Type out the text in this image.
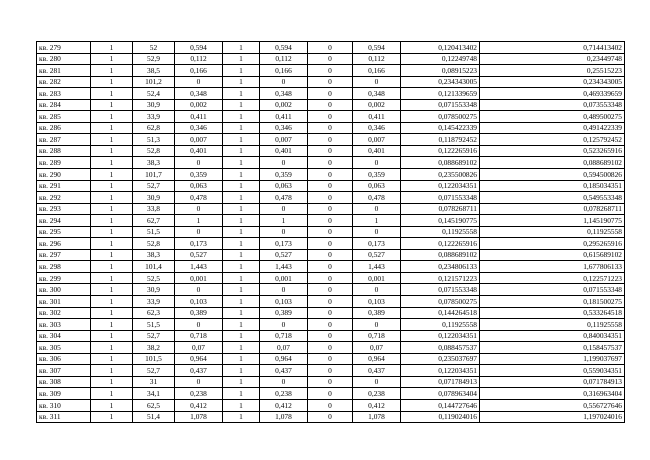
кв. 279	1	52	0,594	1	0,594	0	0,594	0,120413402	0,714413402
кв. 280	1	52,9	0,112	1	0,112	0	0,112	0,12249748	0,23449748
кв. 281	1	38,5	0,166	1	0,166	0	0,166	0,08915223	0,25515223
кв. 282	1	101,2	0	1	0	0	0	0,234343005	0,234343005
кв. 283	1	52,4	0,348	1	0,348	0	0,348	0,121339659	0,469339659
кв. 284	1	30,9	0,002	1	0,002	0	0,002	0,071553348	0,073553348
кв. 285	1	33,9	0,411	1	0,411	0	0,411	0,078500275	0,489500275
кв. 286	1	62,8	0,346	1	0,346	0	0,346	0,145422339	0,491422339
кв. 287	1	51,3	0,007	1	0,007	0	0,007	0,118792452	0,125792452
кв. 288	1	52,8	0,401	1	0,401	0	0,401	0,122265916	0,523265916
кв. 289	1	38,3	0	1	0	0	0	0,088689102	0,088689102
кв. 290	1	101,7	0,359	1	0,359	0	0,359	0,235500826	0,594500826
кв. 291	1	52,7	0,063	1	0,063	0	0,063	0,122034351	0,185034351
кв. 292	1	30,9	0,478	1	0,478	0	0,478	0,071553348	0,549553348
кв. 293	1	33,8	0	1	0	0	0	0,078268711	0,078268711
кв. 294	1	62,7	1	1	1	0	1	0,145190775	1,145190775
кв. 295	1	51,5	0	1	0	0	0	0,11925558	0,11925558
кв. 296	1	52,8	0,173	1	0,173	0	0,173	0,122265916	0,295265916
кв. 297	1	38,3	0,527	1	0,527	0	0,527	0,088689102	0,615689102
кв. 298	1	101,4	1,443	1	1,443	0	1,443	0,234806133	1,677806133
кв. 299	1	52,5	0,001	1	0,001	0	0,001	0,121571223	0,122571223
кв. 300	1	30,9	0	1	0	0	0	0,071553348	0,071553348
кв. 301	1	33,9	0,103	1	0,103	0	0,103	0,078500275	0,181500275
кв. 302	1	62,3	0,389	1	0,389	0	0,389	0,144264518	0,533264518
кв. 303	1	51,5	0	1	0	0	0	0,11925558	0,11925558
кв. 304	1	52,7	0,718	1	0,718	0	0,718	0,122034351	0,840034351
кв. 305	1	38,2	0,07	1	0,07	0	0,07	0,088457537	0,158457537
кв. 306	1	101,5	0,964	1	0,964	0	0,964	0,235037697	1,199037697
кв. 307	1	52,7	0,437	1	0,437	0	0,437	0,122034351	0,559034351
кв. 308	1	31	0	1	0	0	0	0,071784913	0,071784913
кв. 309	1	34,1	0,238	1	0,238	0	0,238	0,078963404	0,316963404
кв. 310	1	62,5	0,412	1	0,412	0	0,412	0,144727646	0,556727646
кв. 311	1	51,4	1,078	1	1,078	0	1,078	0,119024016	1,197024016
